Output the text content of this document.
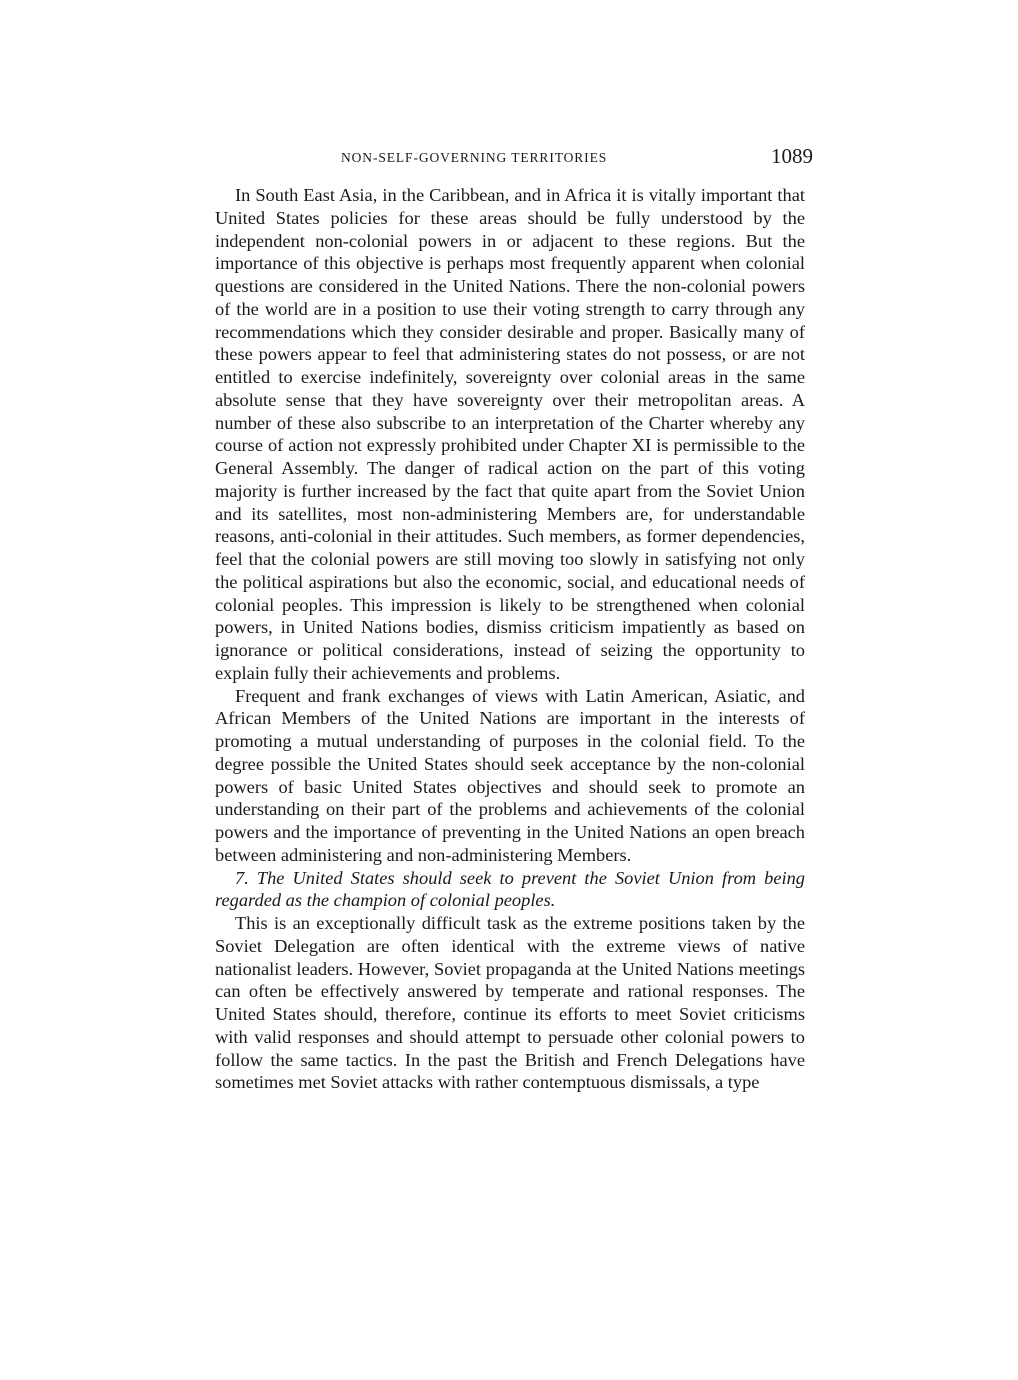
NON-SELF-GOVERNING TERRITORIES	1089

In South East Asia, in the Caribbean, and in Africa it is vitally important that United States policies for these areas should be fully understood by the independent non-colonial powers in or adjacent to these regions. But the importance of this objective is perhaps most frequently apparent when colonial questions are considered in the United Nations. There the non-colonial powers of the world are in a position to use their voting strength to carry through any recommendations which they consider desirable and proper. Basically many of these powers appear to feel that administering states do not possess, or are not entitled to exercise indefinitely, sovereignty over colonial areas in the same absolute sense that they have sovereignty over their metropolitan areas. A number of these also subscribe to an interpretation of the Charter whereby any course of action not expressly prohibited under Chapter XI is permissible to the General Assembly. The danger of radical action on the part of this voting majority is further increased by the fact that quite apart from the Soviet Union and its satellites, most non-administering Members are, for understandable reasons, anti-colonial in their attitudes. Such members, as former dependencies, feel that the colonial powers are still moving too slowly in satisfying not only the political aspirations but also the economic, social, and educational needs of colonial peoples. This impression is likely to be strengthened when colonial powers, in United Nations bodies, dismiss criticism impatiently as based on ignorance or political considerations, instead of seizing the opportunity to explain fully their achievements and problems.

Frequent and frank exchanges of views with Latin American, Asiatic, and African Members of the United Nations are important in the interests of promoting a mutual understanding of purposes in the colonial field. To the degree possible the United States should seek acceptance by the non-colonial powers of basic United States objectives and should seek to promote an understanding on their part of the problems and achievements of the colonial powers and the importance of preventing in the United Nations an open breach between administering and non-administering Members.

7. The United States should seek to prevent the Soviet Union from being regarded as the champion of colonial peoples.

This is an exceptionally difficult task as the extreme positions taken by the Soviet Delegation are often identical with the extreme views of native nationalist leaders. However, Soviet propaganda at the United Nations meetings can often be effectively answered by temperate and rational responses. The United States should, therefore, continue its efforts to meet Soviet criticisms with valid responses and should attempt to persuade other colonial powers to follow the same tactics. In the past the British and French Delegations have sometimes met Soviet attacks with rather contemptuous dismissals, a type
